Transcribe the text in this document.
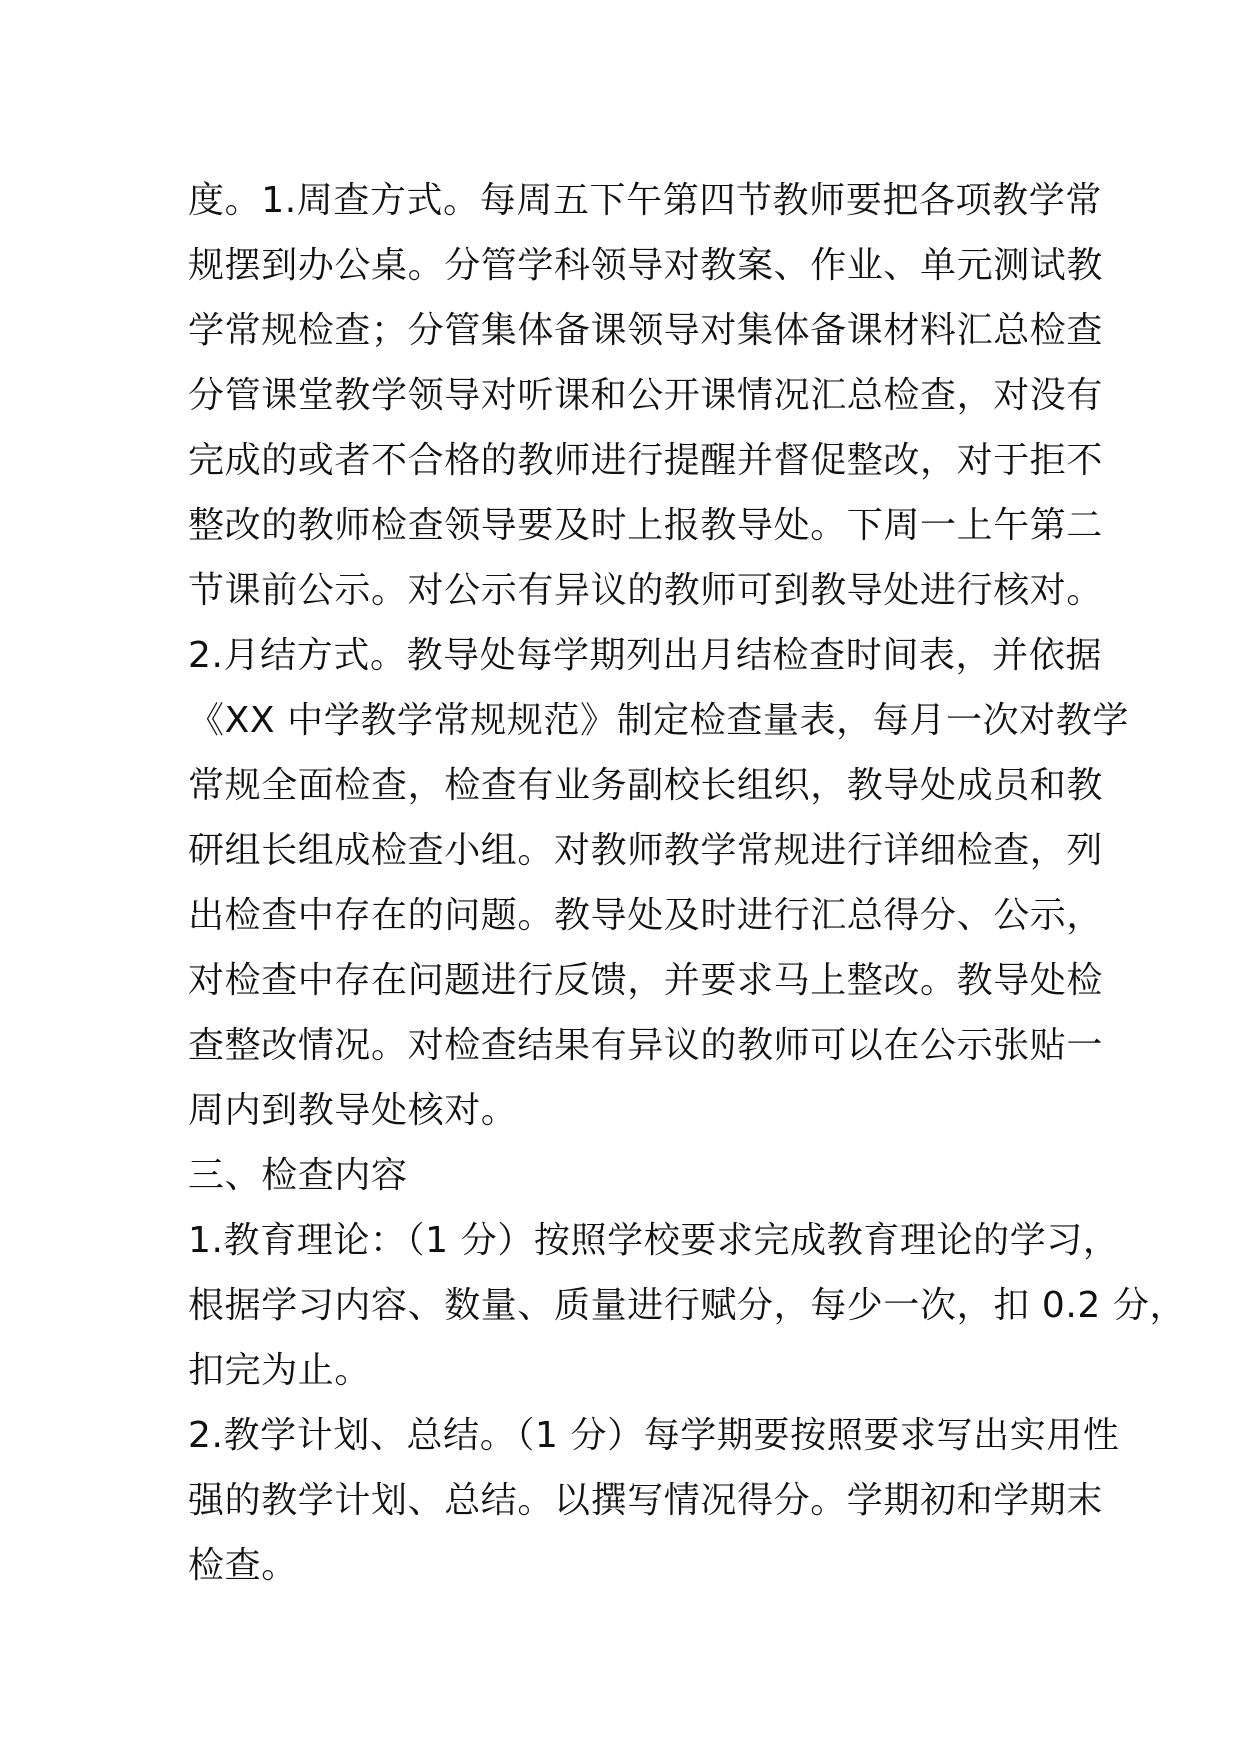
度。1.周查方式。每周五下午第四节教师要把各项教学常
规摆到办公桌。分管学科领导对教案、作业、单元测试教
学常规检查；分管集体备课领导对集体备课材料汇总检查
分管课堂教学领导对听课和公开课情况汇总检查，对没有
完成的或者不合格的教师进行提醒并督促整改，对于拒不
整改的教师检查领导要及时上报教导处。下周一上午第二
节课前公示。对公示有异议的教师可到教导处进行核对。
2.月结方式。教导处每学期列出月结检查时间表，并依据
《XX 中学教学常规规范》制定检查量表，每月一次对教学
常规全面检查，检查有业务副校长组织，教导处成员和教
研组长组成检查小组。对教师教学常规进行详细检查，列
出检查中存在的问题。教导处及时进行汇总得分、公示，
对检查中存在问题进行反馈，并要求马上整改。教导处检
查整改情况。对检查结果有异议的教师可以在公示张贴一
周内到教导处核对。
三、检查内容
1.教育理论：（1 分）按照学校要求完成教育理论的学习，
根据学习内容、数量、质量进行赋分，每少一次，扣 0.2 分，
扣完为止。
2.教学计划、总结。（1 分）每学期要按照要求写出实用性
强的教学计划、总结。以撰写情况得分。学期初和学期末
检查。
